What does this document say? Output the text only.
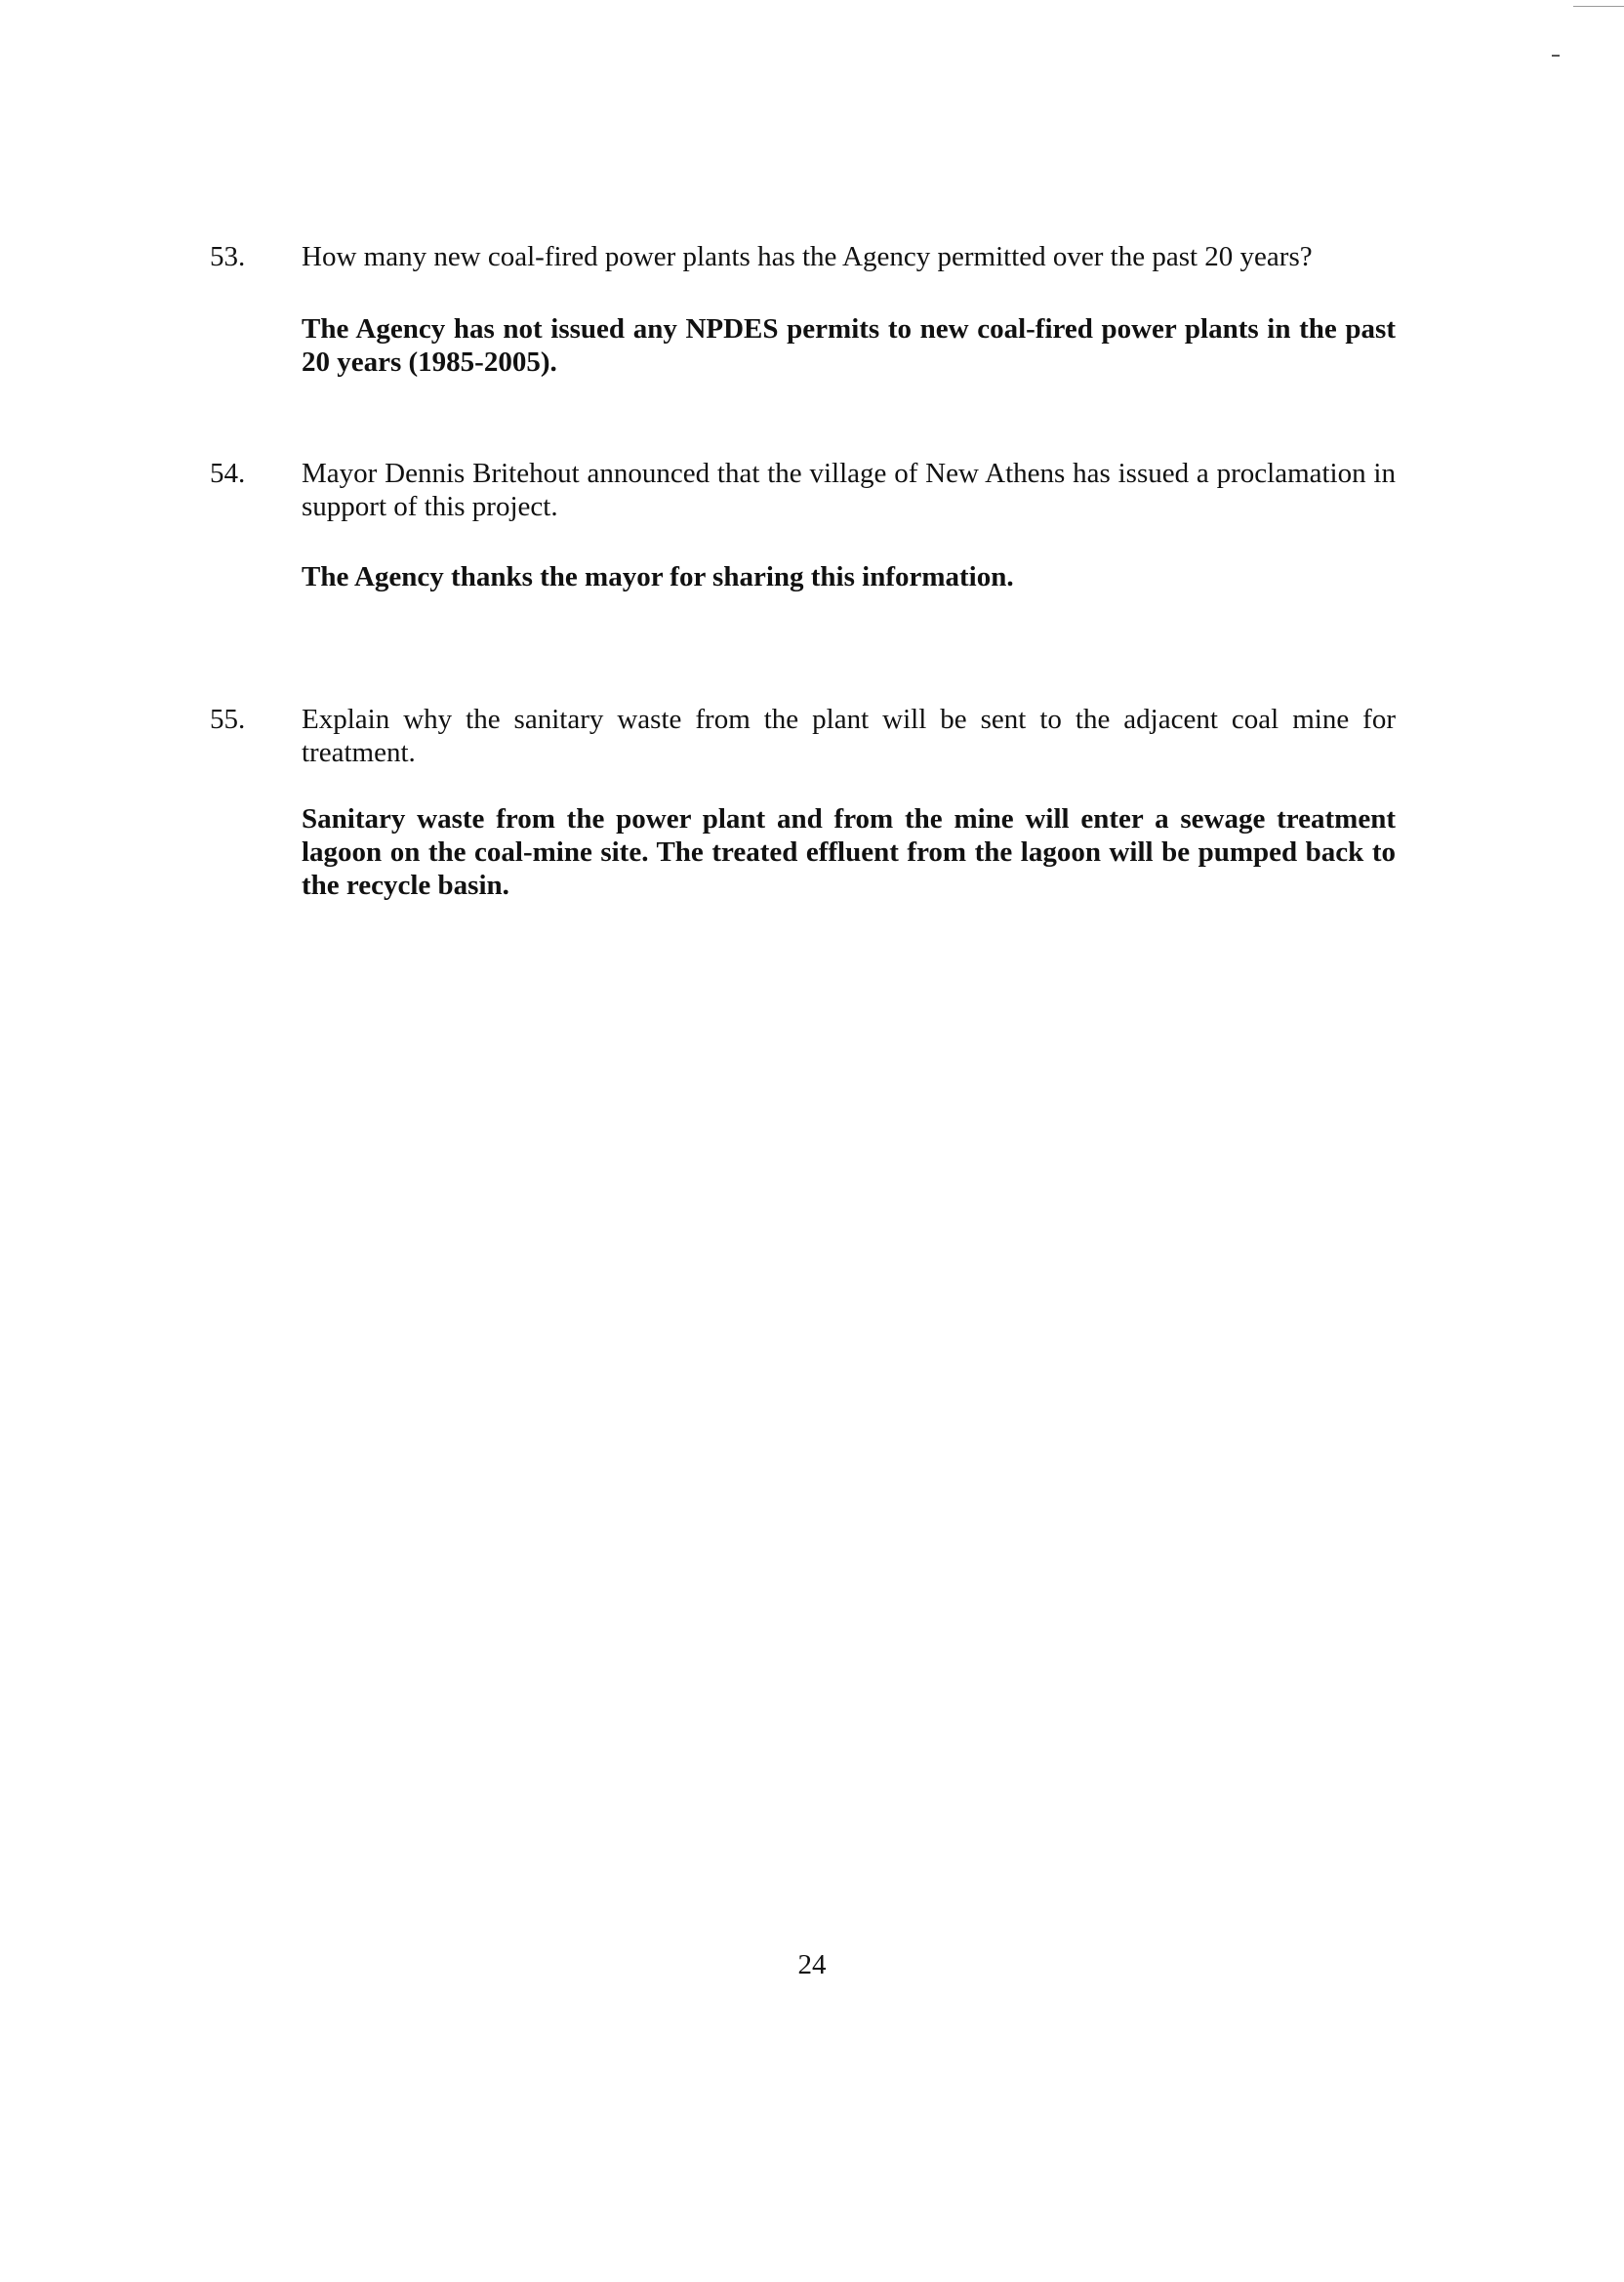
53. How many new coal-fired power plants has the Agency permitted over the past 20 years?

The Agency has not issued any NPDES permits to new coal-fired power plants in the past 20 years (1985-2005).

54. Mayor Dennis Britehout announced that the village of New Athens has issued a proclamation in support of this project.

The Agency thanks the mayor for sharing this information.

55. Explain why the sanitary waste from the plant will be sent to the adjacent coal mine for treatment.

Sanitary waste from the power plant and from the mine will enter a sewage treatment lagoon on the coal-mine site. The treated effluent from the lagoon will be pumped back to the recycle basin.

24
